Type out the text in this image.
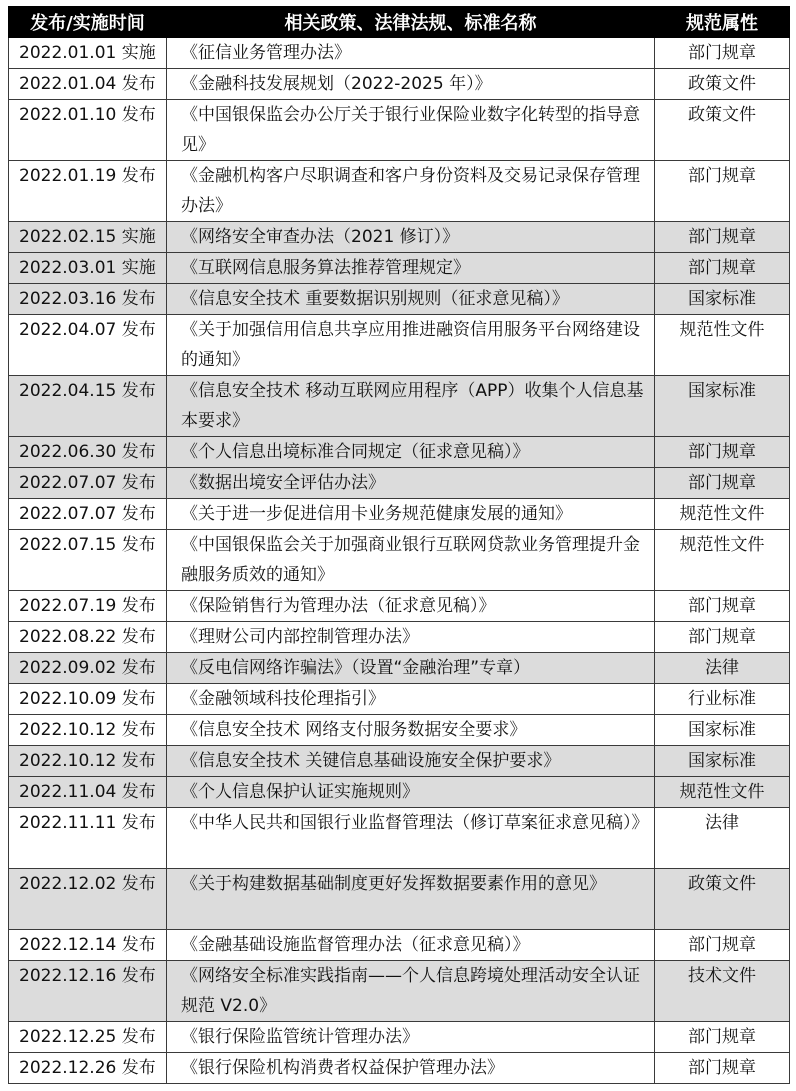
发布/实施时间	相关政策、法律法规、标准名称	规范属性
2022.01.01 实施	《征信业务管理办法》	部门规章
2022.01.04 发布	《金融科技发展规划（2022-2025 年）》	政策文件
2022.01.10 发布	《中国银保监会办公厅关于银行业保险业数字化转型的指导意见》	政策文件
2022.01.19 发布	《金融机构客户尽职调查和客户身份资料及交易记录保存管理办法》	部门规章
2022.02.15 实施	《网络安全审查办法（2021 修订）》	部门规章
2022.03.01 实施	《互联网信息服务算法推荐管理规定》	部门规章
2022.03.16 发布	《信息安全技术 重要数据识别规则（征求意见稿）》	国家标准
2022.04.07 发布	《关于加强信用信息共享应用推进融资信用服务平台网络建设的通知》	规范性文件
2022.04.15 发布	《信息安全技术 移动互联网应用程序（APP）收集个人信息基本要求》	国家标准
2022.06.30 发布	《个人信息出境标准合同规定（征求意见稿）》	部门规章
2022.07.07 发布	《数据出境安全评估办法》	部门规章
2022.07.07 发布	《关于进一步促进信用卡业务规范健康发展的通知》	规范性文件
2022.07.15 发布	《中国银保监会关于加强商业银行互联网贷款业务管理提升金融服务质效的通知》	规范性文件
2022.07.19 发布	《保险销售行为管理办法（征求意见稿）》	部门规章
2022.08.22 发布	《理财公司内部控制管理办法》	部门规章
2022.09.02 发布	《反电信网络诈骗法》（设置“金融治理”专章）	法律
2022.10.09 发布	《金融领域科技伦理指引》	行业标准
2022.10.12 发布	《信息安全技术 网络支付服务数据安全要求》	国家标准
2022.10.12 发布	《信息安全技术 关键信息基础设施安全保护要求》	国家标准
2022.11.04 发布	《个人信息保护认证实施规则》	规范性文件
2022.11.11 发布	《中华人民共和国银行业监督管理法（修订草案征求意见稿）》	法律
2022.12.02 发布	《关于构建数据基础制度更好发挥数据要素作用的意见》	政策文件
2022.12.14 发布	《金融基础设施监督管理办法（征求意见稿）》	部门规章
2022.12.16 发布	《网络安全标准实践指南——个人信息跨境处理活动安全认证规范 V2.0》	技术文件
2022.12.25 发布	《银行保险监管统计管理办法》	部门规章
2022.12.26 发布	《银行保险机构消费者权益保护管理办法》	部门规章
